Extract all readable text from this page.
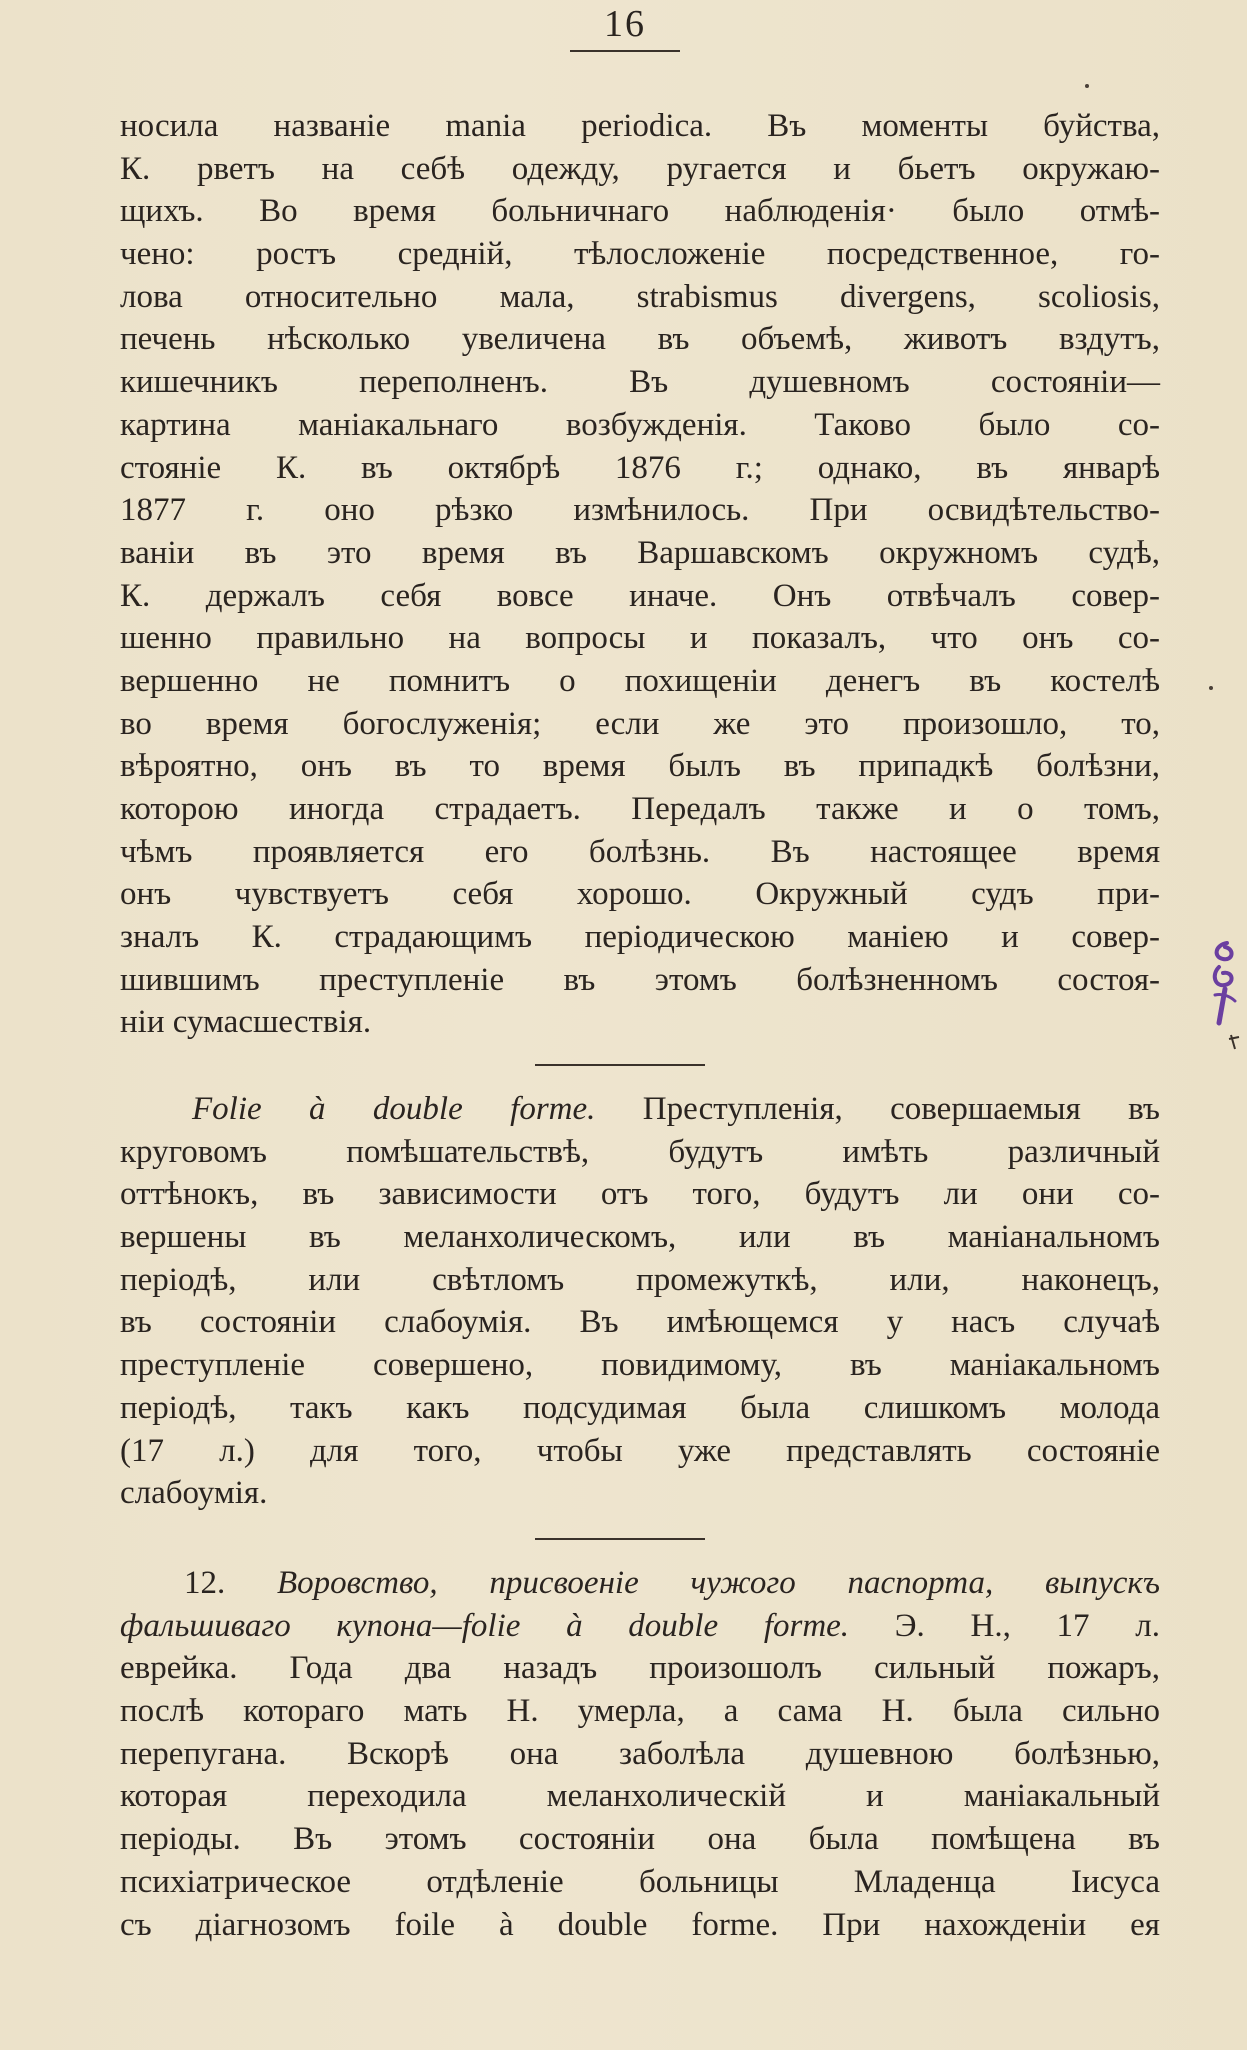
16
носила названіе mania periodica. Въ моменты буйства,
К. рветъ на себѣ одежду, ругается и бьетъ окружаю-
щихъ. Во время больничнаго наблюденія· было отмѣ-
чено: ростъ средній, тѣлосложеніе посредственное, го-
лова относительно мала, strabismus divergens, scoliosis,
печень нѣсколько увеличена въ объемѣ, животъ вздутъ,
кишечникъ переполненъ. Въ душевномъ состояніи—
картина маніакальнаго возбужденія. Таково было со-
стояніе К. въ октябрѣ 1876 г.; однако, въ январѣ
1877 г. оно рѣзко измѣнилось. При освидѣтельство-
ваніи въ это время въ Варшавскомъ окружномъ судѣ,
К. держалъ себя вовсе иначе. Онъ отвѣчалъ совер-
шенно правильно на вопросы и показалъ, что онъ со-
вершенно не помнитъ о похищеніи денегъ въ костелѣ
во время богослуженія; если же это произошло, то,
вѣроятно, онъ въ то время былъ въ припадкѣ болѣзни,
которою иногда страдаетъ. Передалъ также и о томъ,
чѣмъ проявляется его болѣзнь. Въ настоящее время
онъ чувствуетъ себя хорошо. Окружный судъ при-
зналъ К. страдающимъ періодическою маніею и совер-
шившимъ преступленіе въ этомъ болѣзненномъ состоя-
ніи сумасшествія.
Folie à double forme. Преступленія, совершаемыя въ
круговомъ помѣшательствѣ, будутъ имѣть различный
оттѣнокъ, въ зависимости отъ того, будутъ ли они со-
вершены въ меланхолическомъ, или въ маніанальномъ
періодѣ, или свѣтломъ промежуткѣ, или, наконецъ,
въ состояніи слабоумія. Въ имѣющемся у насъ случаѣ
преступленіе совершено, повидимому, въ маніакальномъ
періодѣ, такъ какъ подсудимая была слишкомъ молода
(17 л.) для того, чтобы уже представлять состояніе
слабоумія.
12. Воровство, присвоеніе чужого паспорта, выпускъ
фальшиваго купона—folie à double forme. Э. Н., 17 л.
еврейка. Года два назадъ произошолъ сильный пожаръ,
послѣ котораго мать Н. умерла, а сама Н. была сильно
перепугана. Вскорѣ она заболѣла душевною болѣзнью,
которая переходила меланхолическій и маніакальный
періоды. Въ этомъ состояніи она была помѣщена въ
психіатрическое отдѣленіе больницы Младенца Іисуса
съ діагнозомъ foile à double forme. При нахожденіи ея
